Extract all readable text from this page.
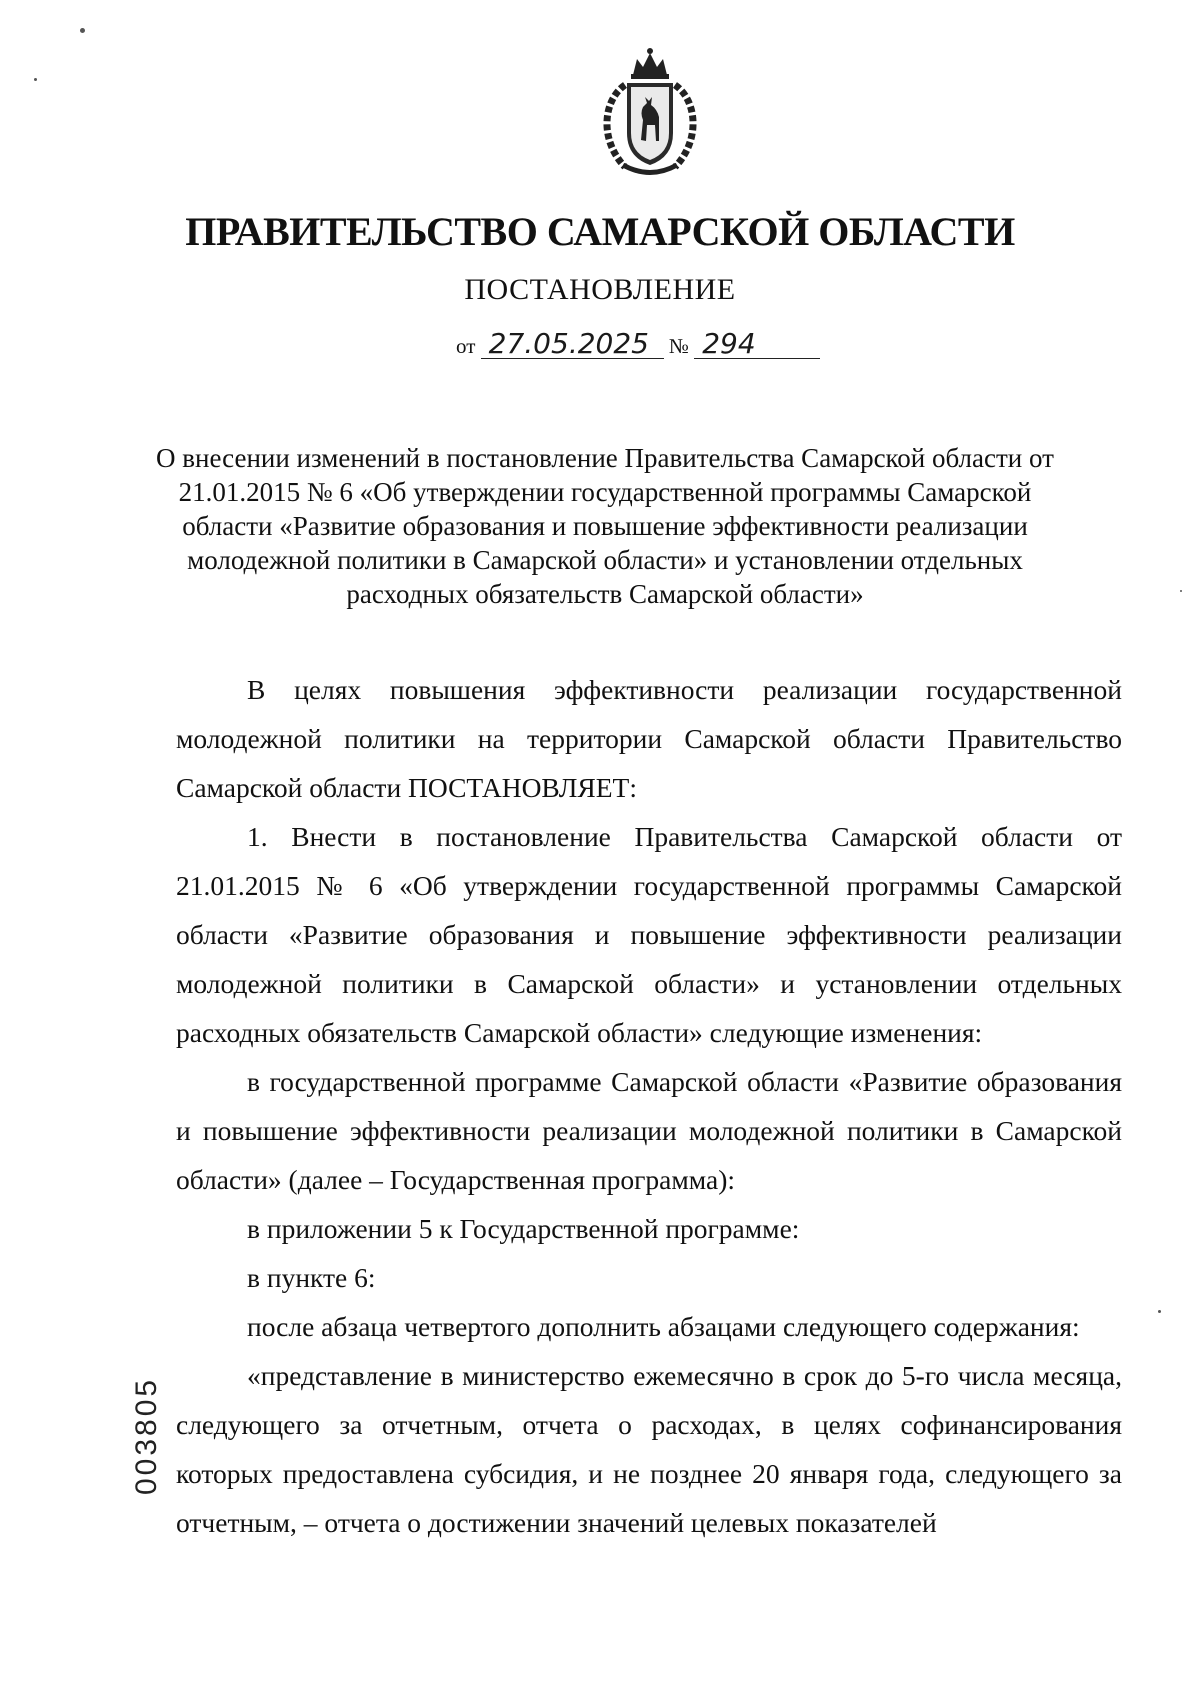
ПРАВИТЕЛЬСТВО САМАРСКОЙ ОБЛАСТИ
ПОСТАНОВЛЕНИЕ
от 27.05.2025 № 294
О внесении изменений в постановление Правительства Самарской области от 21.01.2015 № 6 «Об утверждении государственной программы Самарской области «Развитие образования и повышение эффективности реализации молодежной политики в Самарской области» и установлении отдельных расходных обязательств Самарской области»

В целях повышения эффективности реализации государственной молодежной политики на территории Самарской области Правительство Самарской области ПОСТАНОВЛЯЕТ:

1. Внести в постановление Правительства Самарской области от 21.01.2015 № 6 «Об утверждении государственной программы Самарской области «Развитие образования и повышение эффективности реализации молодежной политики в Самарской области» и установлении отдельных расходных обязательств Самарской области» следующие изменения:

в государственной программе Самарской области «Развитие образования и повышение эффективности реализации молодежной политики в Самарской области» (далее – Государственная программа):

в приложении 5 к Государственной программе:

в пункте 6:

после абзаца четвертого дополнить абзацами следующего содержания:

«представление в министерство ежемесячно в срок до 5-го числа месяца, следующего за отчетным, отчета о расходах, в целях софинансирования которых предоставлена субсидия, и не позднее 20 января года, следующего за отчетным, – отчета о достижении значений целевых показателей

003805
